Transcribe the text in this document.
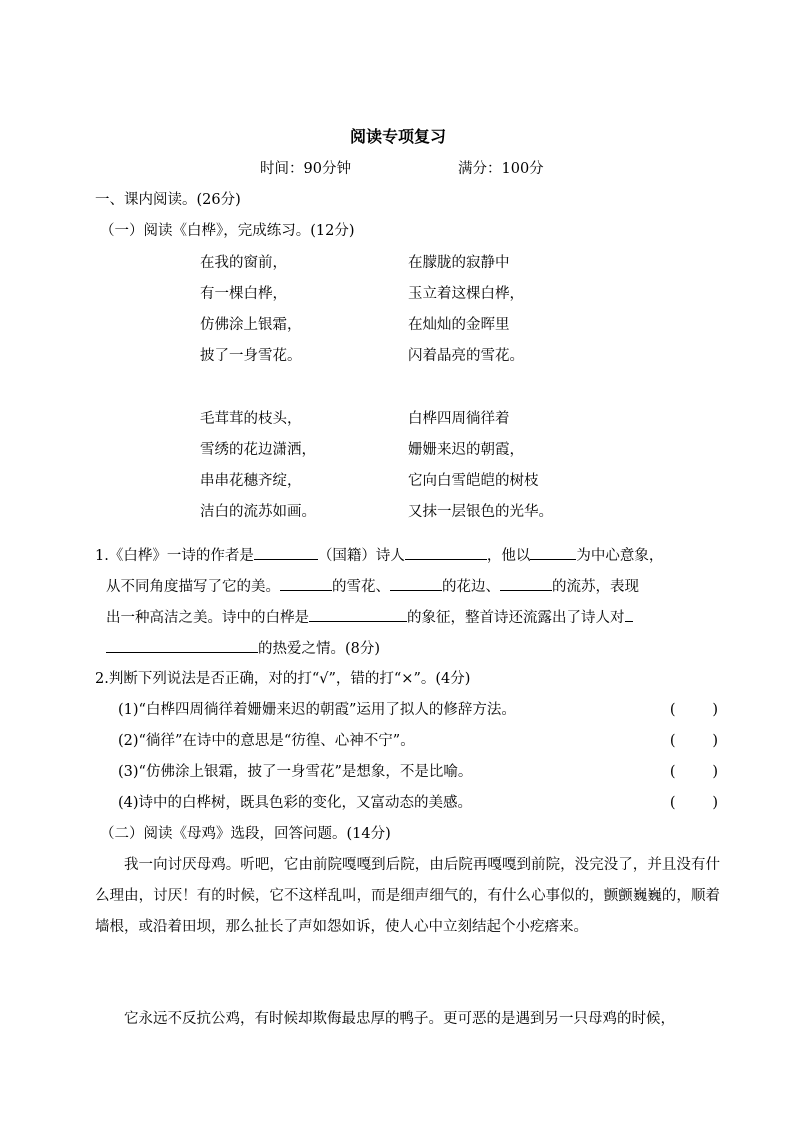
阅读专项复习
时间：90分钟	满分：100分
一、课内阅读。(26分)
（一）阅读《白桦》，完成练习。(12分)
在我的窗前，
有一棵白桦，
仿佛涂上银霜，
披了一身雪花。
在朦胧的寂静中
玉立着这棵白桦，
在灿灿的金晖里
闪着晶亮的雪花。
毛茸茸的枝头，
雪绣的花边潇洒，
串串花穗齐绽，
洁白的流苏如画。
白桦四周徜徉着
姗姗来迟的朝霞，
它向白雪皑皑的树枝
又抹一层银色的光华。
1.《白桦》一诗的作者是	（国籍）诗人	，他以	为中心意象，
从不同角度描写了它的美。	的雪花、	的花边、	的流苏，表现
出一种高洁之美。诗中的白桦是	的象征，整首诗还流露出了诗人对
的热爱之情。(8分)
2.判断下列说法是否正确，对的打“√”，错的打“×”。(4分)
(1)“白桦四周徜徉着姗姗来迟的朝霞”运用了拟人的修辞方法。	(        )
(2)“徜徉”在诗中的意思是“彷徨、心神不宁”。	(        )
(3)“仿佛涂上银霜，披了一身雪花”是想象，不是比喻。	(        )
(4)诗中的白桦树，既具色彩的变化，又富动态的美感。	(        )
（二）阅读《母鸡》选段，回答问题。(14分)
我一向讨厌母鸡。听吧，它由前院嘎嘎到后院，由后院再嘎嘎到前院，没完没了，并且没有什么理由，讨厌！有的时候，它不这样乱叫，而是细声细气的，有什么心事似的，颤颤巍巍的，顺着墙根，或沿着田坝，那么扯长了声如怨如诉，使人心中立刻结起个小疙瘩来。
它永远不反抗公鸡，有时候却欺侮最忠厚的鸭子。更可恶的是遇到另一只母鸡的时候，
